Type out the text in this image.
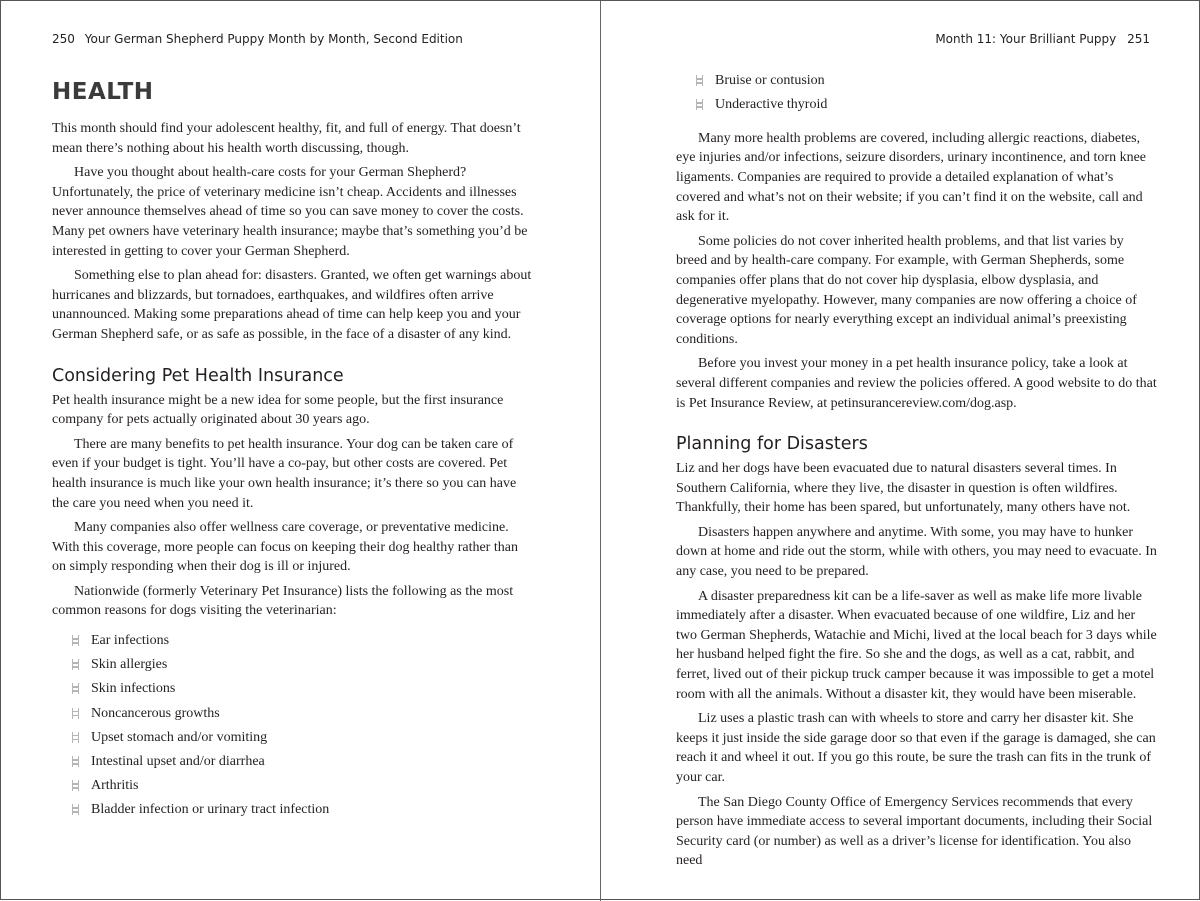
250 Your German Shepherd Puppy Month by Month, Second Edition
HEALTH

This month should find your adolescent healthy, fit, and full of energy. That doesn’t mean there’s nothing about his health worth discussing, though.

Have you thought about health-care costs for your German Shepherd? Unfortunately, the price of veterinary medicine isn’t cheap. Accidents and illnesses never announce themselves ahead of time so you can save money to cover the costs. Many pet owners have veterinary health insurance; maybe that’s something you’d be interested in getting to cover your German Shepherd.

Something else to plan ahead for: disasters. Granted, we often get warnings about hurricanes and blizzards, but tornadoes, earthquakes, and wildfires often arrive unannounced. Making some preparations ahead of time can help keep you and your German Shepherd safe, or as safe as possible, in the face of a disaster of any kind.

Considering Pet Health Insurance

Pet health insurance might be a new idea for some people, but the first insurance company for pets actually originated about 30 years ago.

There are many benefits to pet health insurance. Your dog can be taken care of even if your budget is tight. You’ll have a co-pay, but other costs are covered. Pet health insurance is much like your own health insurance; it’s there so you can have the care you need when you need it.

Many companies also offer wellness care coverage, or preventative medicine. With this coverage, more people can focus on keeping their dog healthy rather than on simply responding when their dog is ill or injured.

Nationwide (formerly Veterinary Pet Insurance) lists the following as the most common reasons for dogs visiting the veterinarian:

Ear infections
Skin allergies
Skin infections
Noncancerous growths
Upset stomach and/or vomiting
Intestinal upset and/or diarrhea
Arthritis
Bladder infection or urinary tract infection
Month 11: Your Brilliant Puppy 251
Bruise or contusion
Underactive thyroid

Many more health problems are covered, including allergic reactions, diabetes, eye injuries and/or infections, seizure disorders, urinary incontinence, and torn knee ligaments. Companies are required to provide a detailed explanation of what’s covered and what’s not on their website; if you can’t find it on the website, call and ask for it.

Some policies do not cover inherited health problems, and that list varies by breed and by health-care company. For example, with German Shepherds, some companies offer plans that do not cover hip dysplasia, elbow dysplasia, and degenerative myelopathy. However, many companies are now offering a choice of coverage options for nearly everything except an individual animal’s preexisting conditions.

Before you invest your money in a pet health insurance policy, take a look at several different companies and review the policies offered. A good website to do that is Pet Insurance Review, at petinsurancereview.com/dog.asp.

Planning for Disasters

Liz and her dogs have been evacuated due to natural disasters several times. In Southern California, where they live, the disaster in question is often wildfires. Thankfully, their home has been spared, but unfortunately, many others have not.

Disasters happen anywhere and anytime. With some, you may have to hunker down at home and ride out the storm, while with others, you may need to evacuate. In any case, you need to be prepared.

A disaster preparedness kit can be a life-saver as well as make life more livable immediately after a disaster. When evacuated because of one wildfire, Liz and her two German Shepherds, Watachie and Michi, lived at the local beach for 3 days while her husband helped fight the fire. So she and the dogs, as well as a cat, rabbit, and ferret, lived out of their pickup truck camper because it was impossible to get a motel room with all the animals. Without a disaster kit, they would have been miserable.

Liz uses a plastic trash can with wheels to store and carry her disaster kit. She keeps it just inside the side garage door so that even if the garage is damaged, she can reach it and wheel it out. If you go this route, be sure the trash can fits in the trunk of your car.

The San Diego County Office of Emergency Services recommends that every person have immediate access to several important documents, including their Social Security card (or number) as well as a driver’s license for identification. You also need
